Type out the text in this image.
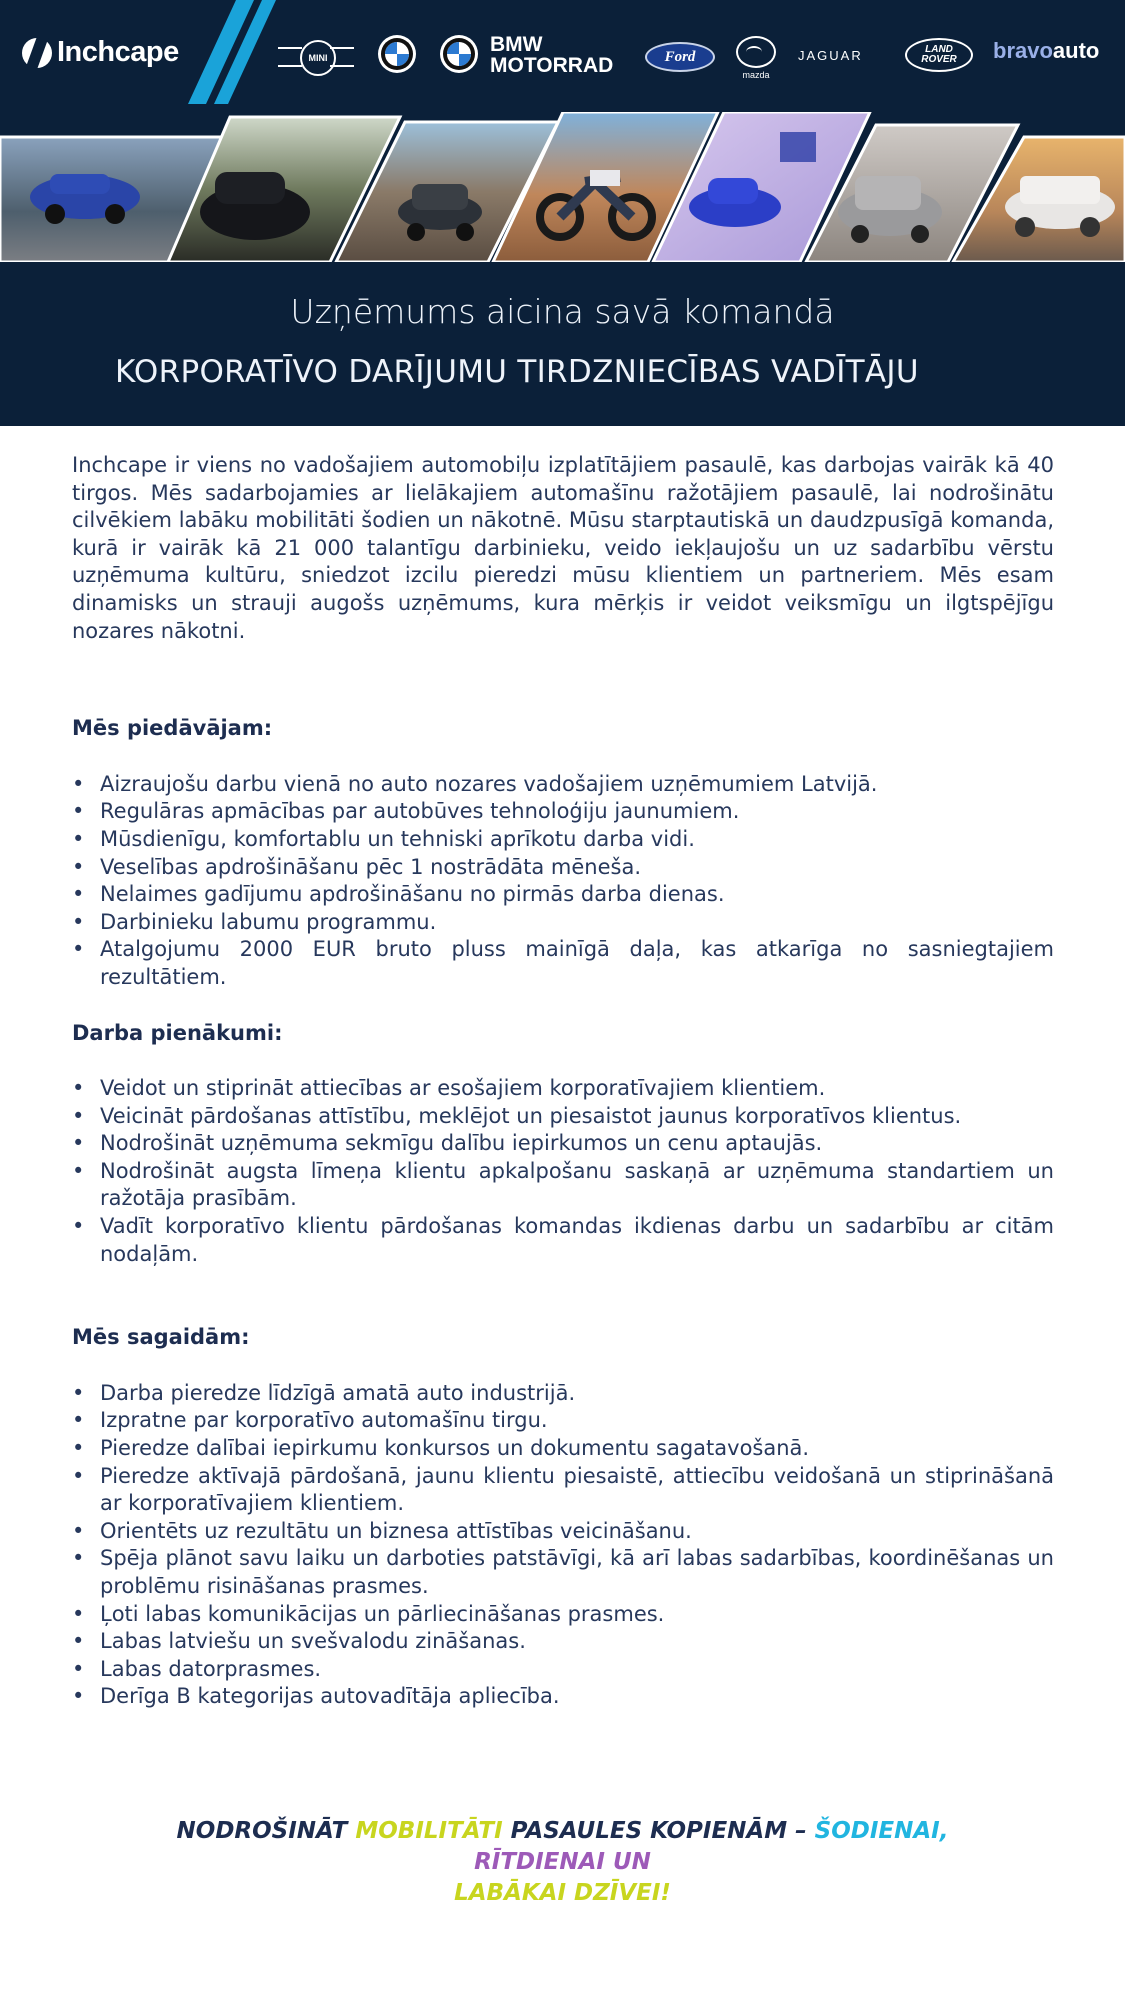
Inchcape	MINI
BMW
MOTORRAD	Ford
mazda
JAGUAR	LAND
ROVER bravoauto
Uzņēmums aicina savā komandā
KORPORATĪVO DARĪJUMU TIRDZNIECĪBAS VADĪTĀJU

Inchcape ir viens no vadošajiem automobiļu izplatītājiem pasaulē, kas darbojas vairāk kā 40 tirgos. Mēs sadarbojamies ar lielākajiem automašīnu ražotājiem pasaulē, lai nodrošinātu cilvēkiem labāku mobilitāti šodien un nākotnē. Mūsu starptautiskā un daudzpusīgā komanda, kurā ir vairāk kā 21 000 talantīgu darbinieku, veido iekļaujošu un uz sadarbību vērstu uzņēmuma kultūru, sniedzot izcilu pieredzi mūsu klientiem un partneriem. Mēs esam dinamisks un strauji augošs uzņēmums, kura mērķis ir veidot veiksmīgu un ilgtspējīgu nozares nākotni.

Mēs piedāvājam:
• Aizraujošu darbu vienā no auto nozares vadošajiem uzņēmumiem Latvijā.
• Regulāras apmācības par autobūves tehnoloģiju jaunumiem.
• Mūsdienīgu, komfortablu un tehniski aprīkotu darba vidi.
• Veselības apdrošināšanu pēc 1 nostrādāta mēneša.
• Nelaimes gadījumu apdrošināšanu no pirmās darba dienas.
• Darbinieku labumu programmu.
• Atalgojumu 2000 EUR bruto pluss mainīgā daļa, kas atkarīga no sasniegtajiem rezultātiem.
Darba pienākumi:
• Veidot un stiprināt attiecības ar esošajiem korporatīvajiem klientiem.
• Veicināt pārdošanas attīstību, meklējot un piesaistot jaunus korporatīvos klientus.
• Nodrošināt uzņēmuma sekmīgu dalību iepirkumos un cenu aptaujās.
• Nodrošināt augsta līmeņa klientu apkalpošanu saskaņā ar uzņēmuma standartiem un ražotāja prasībām.
• Vadīt korporatīvo klientu pārdošanas komandas ikdienas darbu un sadarbību ar citām nodaļām.
Mēs sagaidām:
• Darba pieredze līdzīgā amatā auto industrijā.
• Izpratne par korporatīvo automašīnu tirgu.
• Pieredze dalībai iepirkumu konkursos un dokumentu sagatavošanā.
• Pieredze aktīvajā pārdošanā, jaunu klientu piesaistē, attiecību veidošanā un stiprināšanā ar korporatīvajiem klientiem.
• Orientēts uz rezultātu un biznesa attīstības veicināšanu.
• Spēja plānot savu laiku un darboties patstāvīgi, kā arī labas sadarbības, koordinēšanas un problēmu risināšanas prasmes.
• Ļoti labas komunikācijas un pārliecināšanas prasmes.
• Labas latviešu un svešvalodu zināšanas.
• Labas datorprasmes.
• Derīga B kategorijas autovadītāja apliecība.
NODROŠINĀT MOBILITĀTI PASAULES KOPIENĀM – ŠODIENAI, RĪTDIENAI UN
LABĀKAI DZĪVEI!
